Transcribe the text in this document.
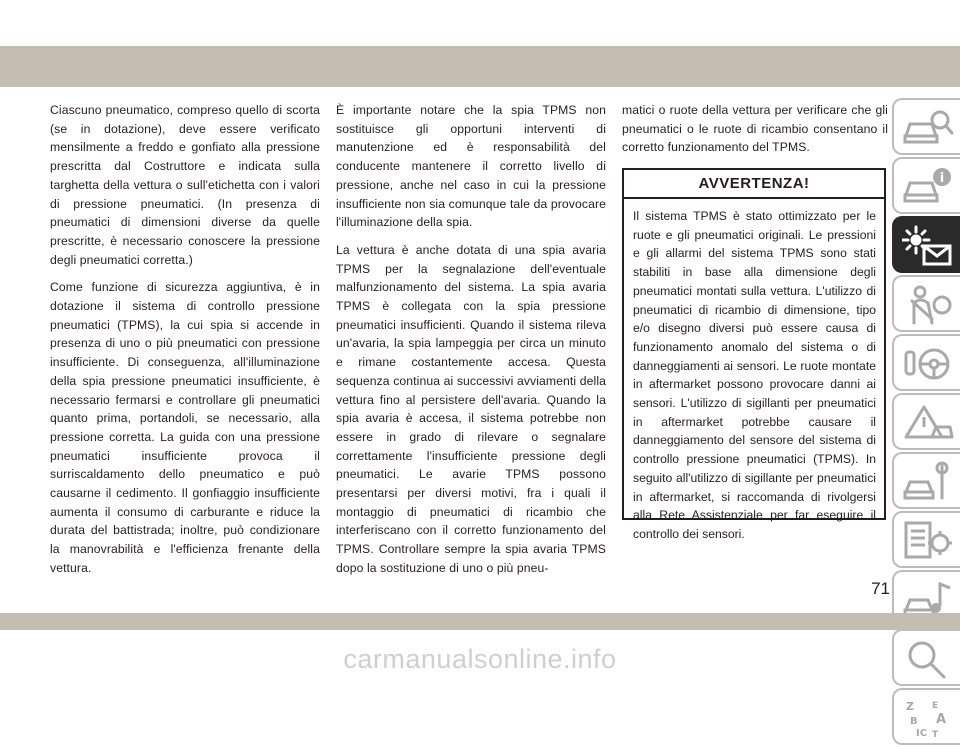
Ciascuno pneumatico, compreso quello di scorta (se in dotazione), deve essere verificato mensilmente a freddo e gonfiato alla pressione prescritta dal Costruttore e indicata sulla targhetta della vettura o sull'etichetta con i valori di pressione pneumatici. (In presenza di pneumatici di dimensioni diverse da quelle prescritte, è necessario conoscere la pressione degli pneumatici corretta.)

Come funzione di sicurezza aggiuntiva, è in dotazione il sistema di controllo pressione pneumatici (TPMS), la cui spia si accende in presenza di uno o più pneumatici con pressione insufficiente. Di conseguenza, all'illuminazione della spia pressione pneumatici insufficiente, è necessario fermarsi e controllare gli pneumatici quanto prima, portandoli, se necessario, alla pressione corretta. La guida con una pressione pneumatici insufficiente provoca il surriscaldamento dello pneumatico e può causarne il cedimento. Il gonfiaggio insufficiente aumenta il consumo di carburante e riduce la durata del battistrada; inoltre, può condizionare la manovrabilità e l'efficienza frenante della vettura.

È importante notare che la spia TPMS non sostituisce gli opportuni interventi di manutenzione ed è responsabilità del conducente mantenere il corretto livello di pressione, anche nel caso in cui la pressione insufficiente non sia comunque tale da provocare l'illuminazione della spia.

La vettura è anche dotata di una spia avaria TPMS per la segnalazione dell'eventuale malfunzionamento del sistema. La spia avaria TPMS è collegata con la spia pressione pneumatici insufficienti. Quando il sistema rileva un'avaria, la spia lampeggia per circa un minuto e rimane costantemente accesa. Questa sequenza continua ai successivi avviamenti della vettura fino al persistere dell'avaria. Quando la spia avaria è accesa, il sistema potrebbe non essere in grado di rilevare o segnalare correttamente l'insufficiente pressione degli pneumatici. Le avarie TPMS possono presentarsi per diversi motivi, fra i quali il montaggio di pneumatici di ricambio che interferiscano con il corretto funzionamento del TPMS. Controllare sempre la spia avaria TPMS dopo la sostituzione di uno o più pneu-

matici o ruote della vettura per verificare che gli pneumatici o le ruote di ricambio consentano il corretto funzionamento del TPMS.

AVVERTENZA!
Il sistema TPMS è stato ottimizzato per le ruote e gli pneumatici originali. Le pressioni e gli allarmi del sistema TPMS sono stati stabiliti in base alla dimensione degli pneumatici montati sulla vettura. L'utilizzo di pneumatici di ricambio di dimensione, tipo e/o disegno diversi può essere causa di funzionamento anomalo del sistema o di danneggiamenti ai sensori. Le ruote montate in aftermarket possono provocare danni ai sensori. L'utilizzo di sigillanti per pneumatici in aftermarket potrebbe causare il danneggiamento del sensore del sistema di controllo pressione pneumatici (TPMS). In seguito all'utilizzo di sigillante per pneumatici in aftermarket, si raccomanda di rivolgersi alla Rete Assistenziale per far eseguire il controllo dei sensori.
i
Z E
B A
IC T
71
carmanualsonline.info
